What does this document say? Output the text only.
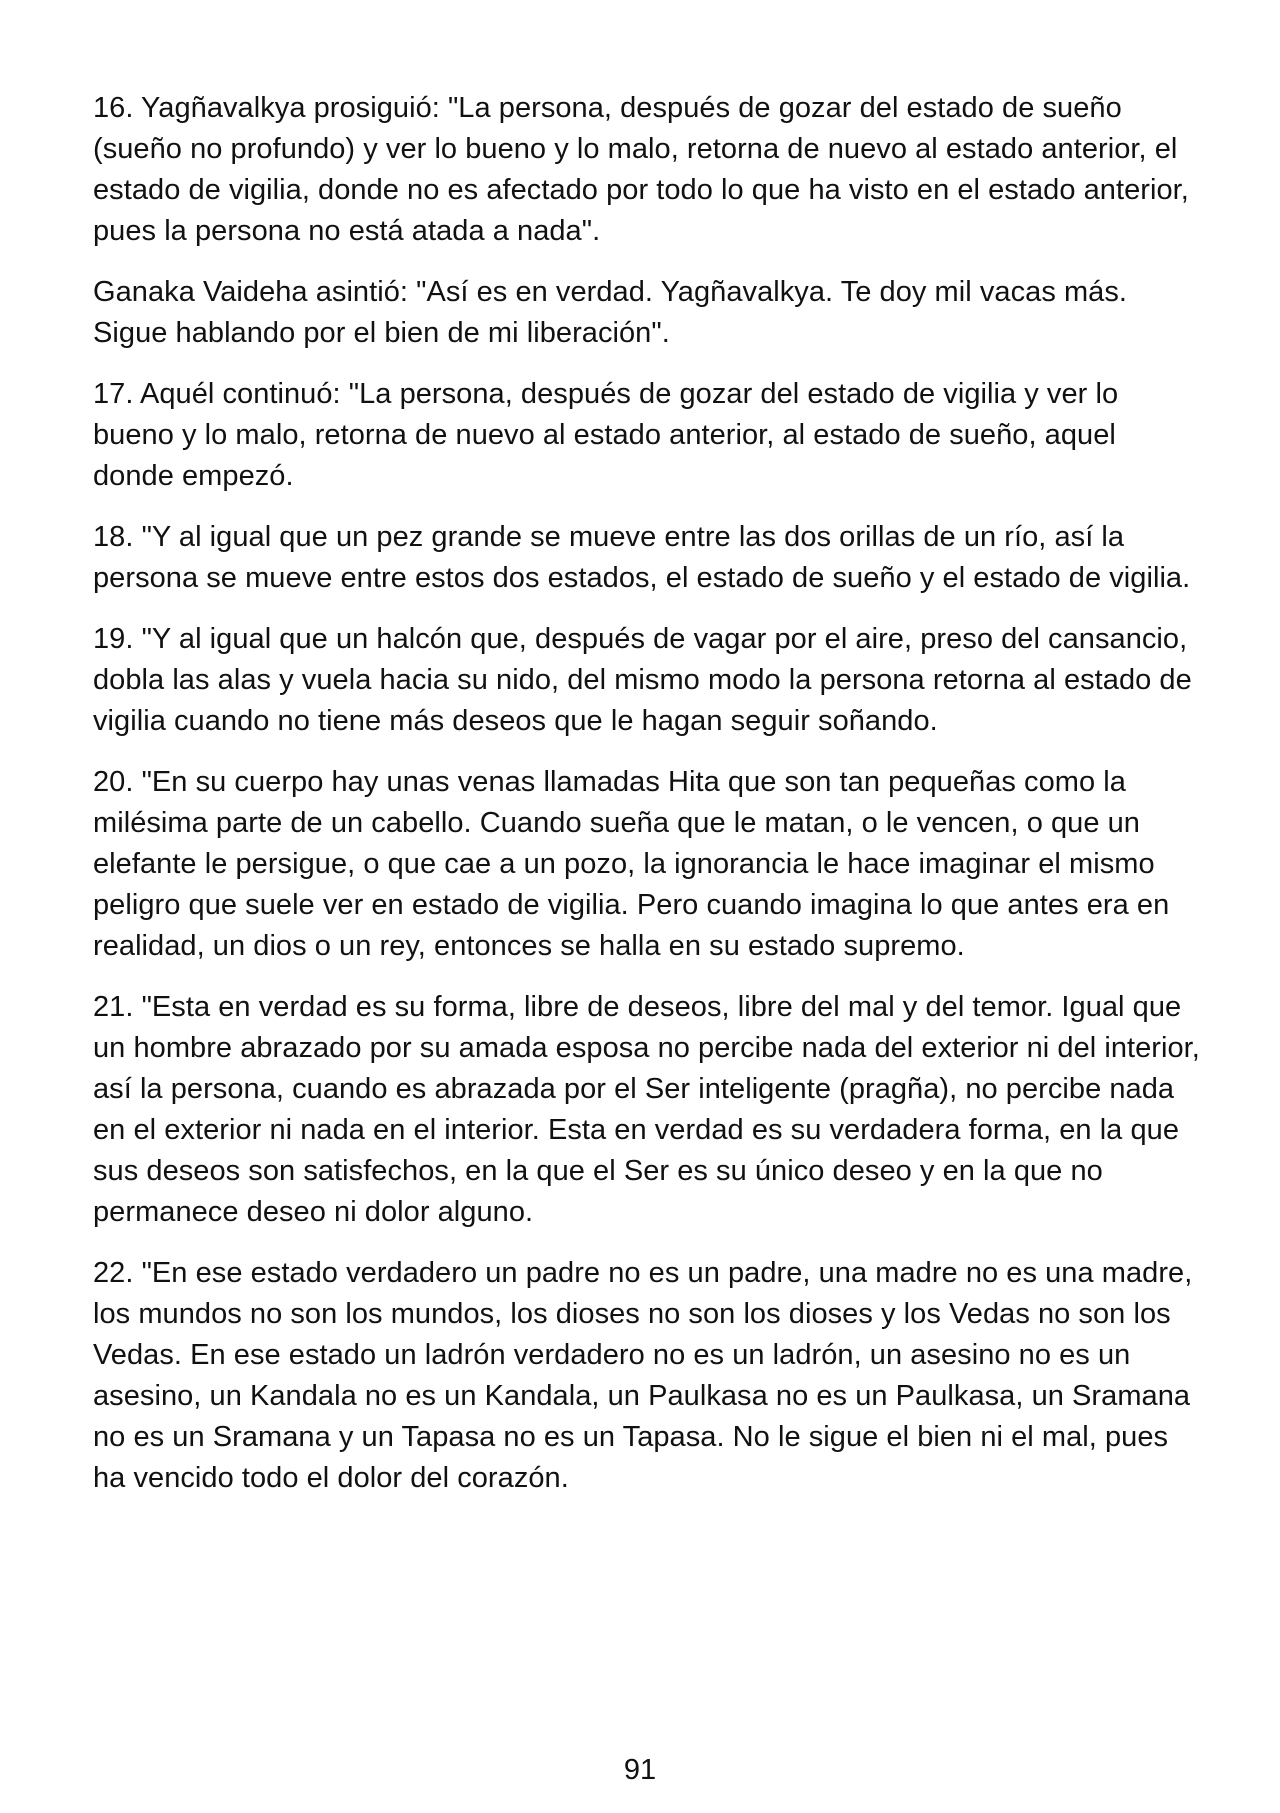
16. Yagñavalkya prosiguió: "La persona, después de gozar del estado de sueño (sueño no profundo) y ver lo bueno y lo malo, retorna de nuevo al estado anterior, el estado de vigilia, donde no es afectado por todo lo que ha visto en el estado anterior, pues la persona no está atada a nada".

Ganaka Vaideha asintió: "Así es en verdad. Yagñavalkya. Te doy mil vacas más. Sigue hablando por el bien de mi liberación".

17. Aquél continuó: "La persona, después de gozar del estado de vigilia y ver lo bueno y lo malo, retorna de nuevo al estado anterior, al estado de sueño, aquel donde empezó.

18. "Y al igual que un pez grande se mueve entre las dos orillas de un río, así la persona se mueve entre estos dos estados, el estado de sueño y el estado de vigilia.

19. "Y al igual que un halcón que, después de vagar por el aire, preso del cansancio, dobla las alas y vuela hacia su nido, del mismo modo la persona retorna al estado de vigilia cuando no tiene más deseos que le hagan seguir soñando.

20. "En su cuerpo hay unas venas llamadas Hita que son tan pequeñas como la milésima parte de un cabello. Cuando sueña que le matan, o le vencen, o que un elefante le persigue, o que cae a un pozo, la ignorancia le hace imaginar el mismo peligro que suele ver en estado de vigilia. Pero cuando imagina lo que antes era en realidad, un dios o un rey, entonces se halla en su estado supremo.

21. "Esta en verdad es su forma, libre de deseos, libre del mal y del temor. Igual que un hombre abrazado por su amada esposa no percibe nada del exterior ni del interior, así la persona, cuando es abrazada por el Ser inteligente (pragña), no percibe nada en el exterior ni nada en el interior. Esta en verdad es su verdadera forma, en la que sus deseos son satisfechos, en la que el Ser es su único deseo y en la que no permanece deseo ni dolor alguno.

22. "En ese estado verdadero un padre no es un padre, una madre no es una madre, los mundos no son los mundos, los dioses no son los dioses y los Vedas no son los Vedas. En ese estado un ladrón verdadero no es un ladrón, un asesino no es un asesino, un Kandala no es un Kandala, un Paulkasa no es un Paulkasa, un Sramana no es un Sramana y un Tapasa no es un Tapasa. No le sigue el bien ni el mal, pues ha vencido todo el dolor del corazón.

91
